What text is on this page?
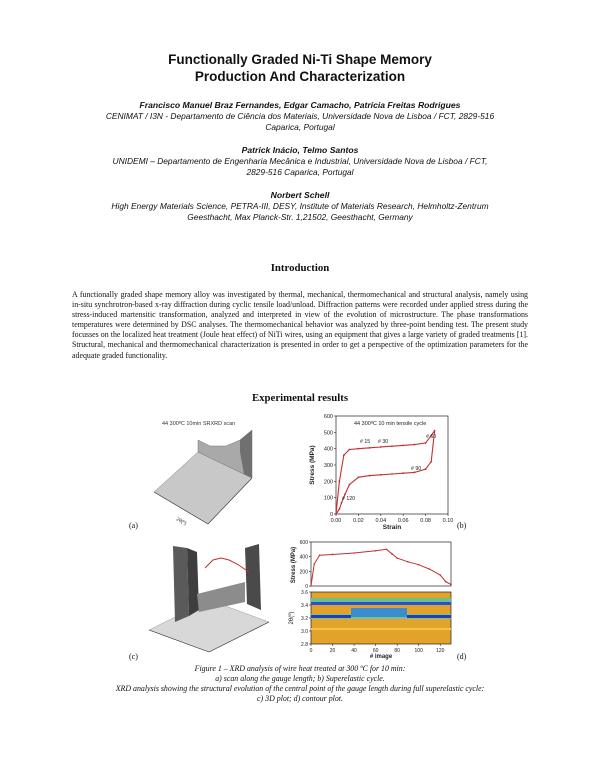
Functionally Graded Ni-Ti Shape Memory
Production And Characterization
Francisco Manuel Braz Fernandes, Edgar Camacho, Patrícia Freitas Rodrigues
CENIMAT / I3N - Departamento de Ciência dos Materiais, Universidade Nova de Lisboa / FCT, 2829-516
Caparica, Portugal
Patrick Inácio, Telmo Santos
UNIDEMI – Departamento de Engenharia Mecânica e Industrial, Universidade Nova de Lisboa / FCT,
2829-516 Caparica, Portugal
Norbert Schell
High Energy Materials Science, PETRA-III, DESY, Institute of Materials Research, Helmholtz-Zentrum
Geesthacht, Max Planck-Str. 1,21502, Geesthacht, Germany
Introduction
A functionally graded shape memory alloy was investigated by thermal, mechanical, thermomechanical and structural analysis, namely using in-situ synchrotron-based x-ray diffraction during cyclic tensile load/unload. Diffraction patterns were recorded under applied stress during the stress-induced martensitic transformation, analyzed and interpreted in view of the evolution of microstructure. The phase transformations temperatures were determined by DSC analyses. The thermomechanical behavior was analyzed by three-point bending test. The present study focusses on the localized heat treatment (Joule heat effect) of NiTi wires, using an equipment that gives a large variety of graded treatments [1]. Structural, mechanical and thermomechanical characterization is presented in order to get a perspective of the optimization parameters for the adequate graded functionality.
Experimental results
44 300ºC 10min SRXRD scan
2θ(º)
(a)
44 300ºC 10 min tensile cycle
0
100
200
300
400
500
600
0.00 0.02 0.04 0.06 0.08 0.10
# 15 # 30
# 60
# 90
# 120
Strain
Stress (MPa)
(b)
(c)
0
200
400
600
Stress (MPa)
2.8
3.0
3.2
3.4
3.6
0	20	40	60	80	100	120
# image
2θ(º)
(d)
Figure 1 – XRD analysis of wire heat treated at 300 ºC for 10 min:
a) scan along the gauge length; b) Superelastic cycle.
XRD analysis showing the structural evolution of the central point of the gauge length during full superelastic cycle:
c) 3D plot; d) contour plot.
